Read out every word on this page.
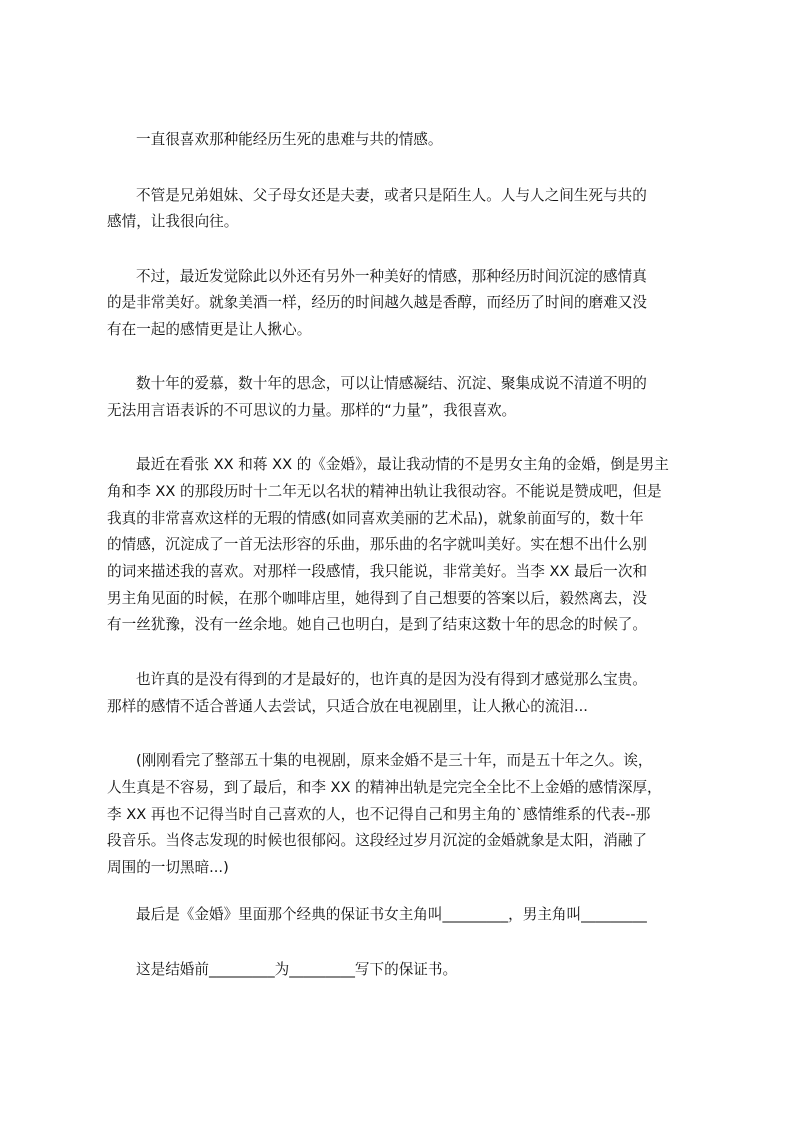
一直很喜欢那种能经历生死的患难与共的情感。
不管是兄弟姐妹、父子母女还是夫妻，或者只是陌生人。人与人之间生死与共的
感情，让我很向往。
不过，最近发觉除此以外还有另外一种美好的情感，那种经历时间沉淀的感情真
的是非常美好。就象美酒一样，经历的时间越久越是香醇，而经历了时间的磨难又没
有在一起的感情更是让人揪心。
数十年的爱慕，数十年的思念，可以让情感凝结、沉淀、聚集成说不清道不明的
无法用言语表诉的不可思议的力量。那样的“力量”，我很喜欢。
最近在看张 XX 和蒋 XX 的《金婚》，最让我动情的不是男女主角的金婚，倒是男主
角和李 XX 的那段历时十二年无以名状的精神出轨让我很动容。不能说是赞成吧，但是
我真的非常喜欢这样的无瑕的情感(如同喜欢美丽的艺术品)，就象前面写的，数十年
的情感，沉淀成了一首无法形容的乐曲，那乐曲的名字就叫美好。实在想不出什么别
的词来描述我的喜欢。对那样一段感情，我只能说，非常美好。当李 XX 最后一次和
男主角见面的时候，在那个咖啡店里，她得到了自己想要的答案以后，毅然离去，没
有一丝犹豫，没有一丝余地。她自己也明白，是到了结束这数十年的思念的时候了。
也许真的是没有得到的才是最好的，也许真的是因为没有得到才感觉那么宝贵。
那样的感情不适合普通人去尝试，只适合放在电视剧里，让人揪心的流泪...
(刚刚看完了整部五十集的电视剧，原来金婚不是三十年，而是五十年之久。诶，
人生真是不容易，到了最后，和李 XX 的精神出轨是完完全全比不上金婚的感情深厚，
李 XX 再也不记得当时自己喜欢的人，也不记得自己和男主角的`感情维系的代表--那
段音乐。当佟志发现的时候也很郁闷。这段经过岁月沉淀的金婚就象是太阳，消融了
周围的一切黑暗...)
最后是《金婚》里面那个经典的保证书女主角叫_________，男主角叫_________
这是结婚前_________为_________写下的保证书。
